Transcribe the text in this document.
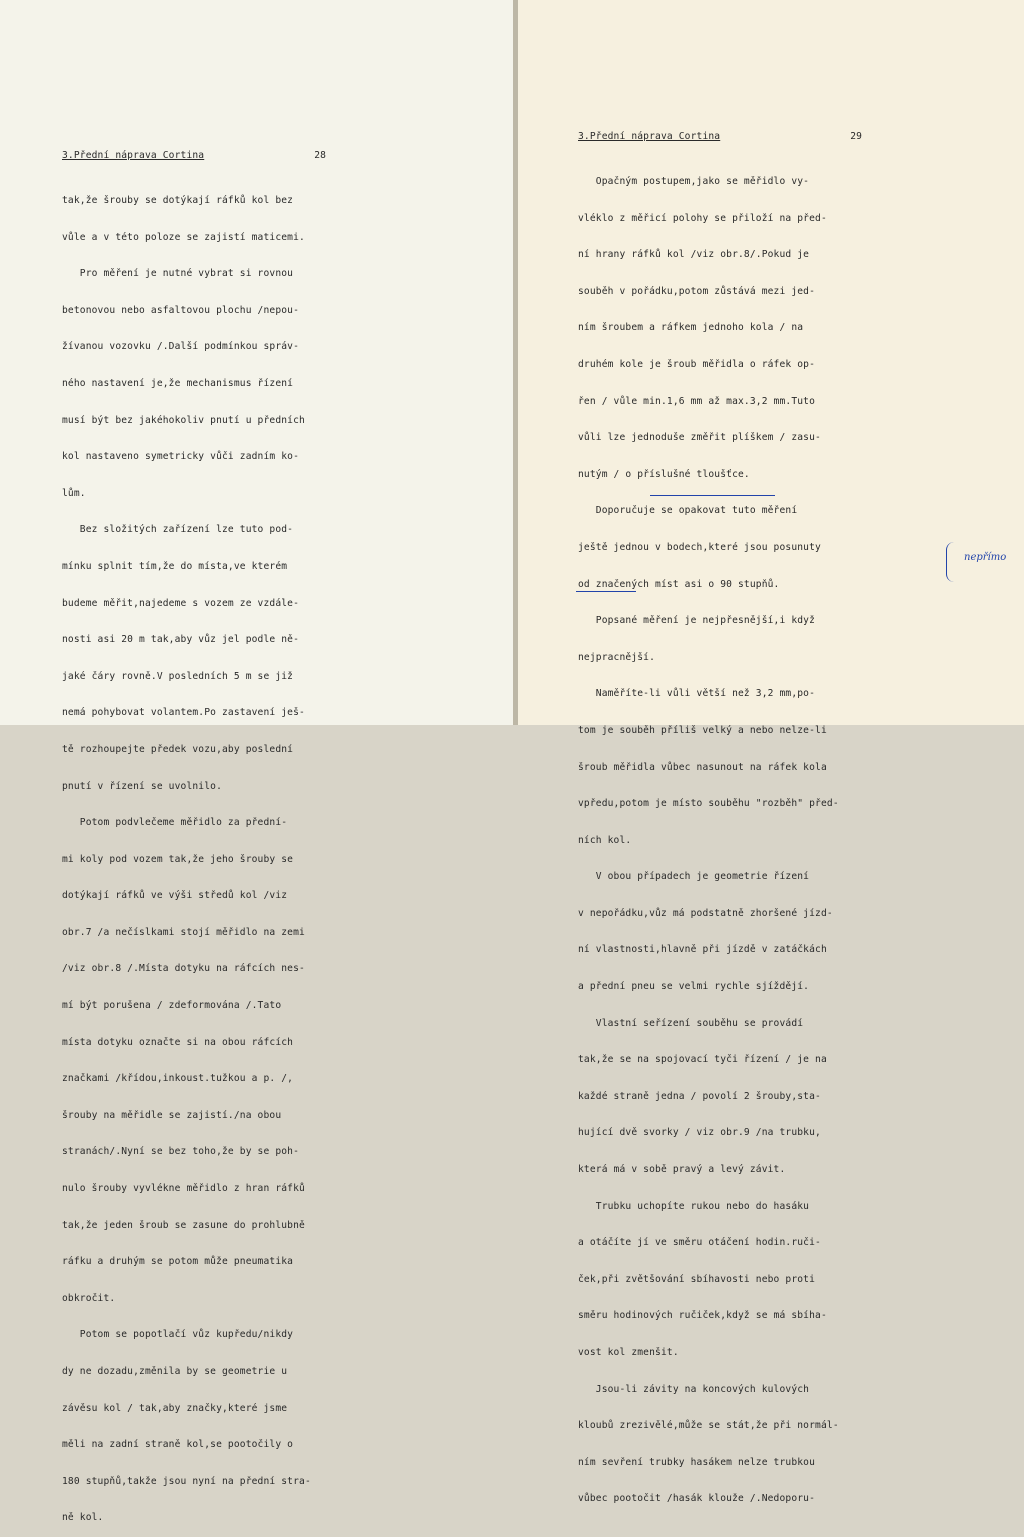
3.Přední náprava Cortina	28

tak,že šrouby se dotýkají ráfků kol bez

vůle a v této poloze se zajistí maticemi.

Pro měření je nutné vybrat si rovnou

betonovou nebo asfaltovou plochu /nepou-

žívanou vozovku /.Další podmínkou správ-

ného nastavení je,že mechanismus řízení

musí být bez jakéhokoliv pnutí u předních

kol nastaveno symetricky vůči zadním ko-

lům.

Bez složitých zařízení lze tuto pod-

mínku splnit tím,že do místa,ve kterém

budeme měřit,najedeme s vozem ze vzdále-

nosti asi 20 m tak,aby vůz jel podle ně-

jaké čáry rovně.V posledních 5 m se již

nemá pohybovat volantem.Po zastavení ješ-

tě rozhoupejte předek vozu,aby poslední

pnutí v řízení se uvolnilo.

Potom podvlečeme měřidlo za přední-

mi koly pod vozem tak,že jeho šrouby se

dotýkají ráfků ve výši středů kol /viz

obr.7 /a nečíslkami stojí měřidlo na zemi

/viz obr.8 /.Místa dotyku na ráfcích nes-

mí být porušena / zdeformována /.Tato

místa dotyku označte si na obou ráfcích

značkami /křídou,inkoust.tužkou a p. /,

šrouby na měřidle se zajistí./na obou

stranách/.Nyní se bez toho,že by se poh-

nulo šrouby vyvlékne měřidlo z hran ráfků

tak,že jeden šroub se zasune do prohlubně

ráfku a druhým se potom může pneumatika

obkročit.

Potom se popotlačí vůz kupředu/nikdy

dy ne dozadu,změnila by se geometrie u

závěsu kol / tak,aby značky,které jsme

měli na zadní straně kol,se pootočily o

180 stupňů,takže jsou nyní na přední stra-

ně kol.

3.Přední náprava Cortina	29

Opačným postupem,jako se měřidlo vy-

vléklo z měřicí polohy se přiloží na před-

ní hrany ráfků kol /viz obr.8/.Pokud je

souběh v pořádku,potom zůstává mezi jed-

ním šroubem a ráfkem jednoho kola / na

druhém kole je šroub měřidla o ráfek op-

řen / vůle min.1,6 mm až max.3,2 mm.Tuto

vůli lze jednoduše změřit plíškem / zasu-

nutým / o příslušné tloušťce.

Doporučuje se opakovat tuto měření

ještě jednou v bodech,které jsou posunuty

od značených míst asi o 90 stupňů.

Popsané měření je nejpřesnější,i když

nejpracnější.

Naměříte-li vůli větší než 3,2 mm,po-

tom je souběh příliš velký a nebo nelze-li

šroub měřidla vůbec nasunout na ráfek kola

vpředu,potom je místo souběhu "rozběh" před-

ních kol.

V obou případech je geometrie řízení

v nepořádku,vůz má podstatně zhoršené jízd-

ní vlastnosti,hlavně při jízdě v zatáčkách

a přední pneu se velmi rychle sjíždějí.

Vlastní seřízení souběhu se provádí

tak,že se na spojovací tyči řízení / je na

každé straně jedna / povolí 2 šrouby,sta-

hující dvě svorky / viz obr.9 /na trubku,

která má v sobě pravý a levý závit.

Trubku uchopíte rukou nebo do hasáku

a otáčíte jí ve směru otáčení hodin.ruči-

ček,při zvětšování sbíhavosti nebo proti

směru hodinových ručiček,když se má sbíha-

vost kol zmenšit.

Jsou-li závity na koncových kulových

kloubů zrezivělé,může se stát,že při normál-

ním sevření trubky hasákem nelze trubkou

vůbec pootočit /hasák klouže /.Nedoporu-

nepřímo
